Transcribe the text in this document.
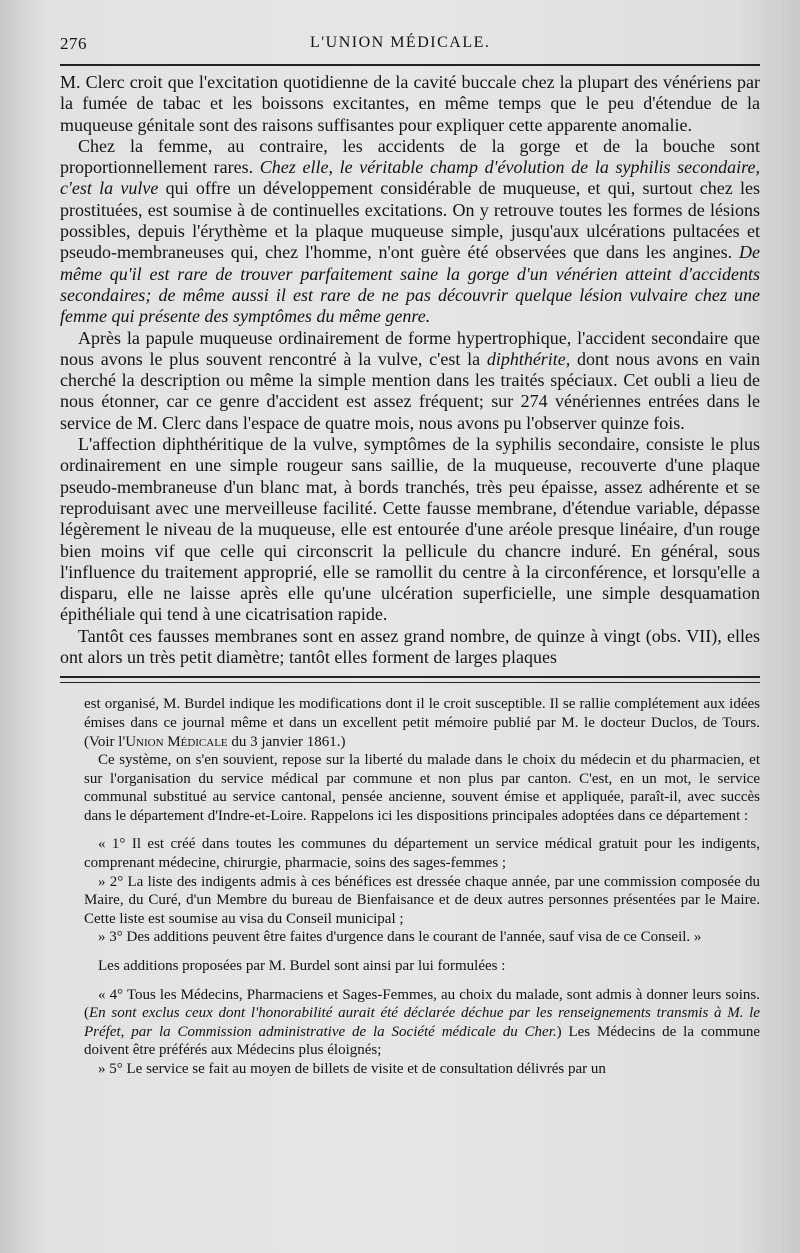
276	L'UNION MÉDICALE.

M. Clerc croit que l'excitation quotidienne de la cavité buccale chez la plupart des vénériens par la fumée de tabac et les boissons excitantes, en même temps que le peu d'étendue de la muqueuse génitale sont des raisons suffisantes pour expliquer cette apparente anomalie.

Chez la femme, au contraire, les accidents de la gorge et de la bouche sont proportionnellement rares. Chez elle, le véritable champ d'évolution de la syphilis secondaire, c'est la vulve qui offre un développement considérable de muqueuse, et qui, surtout chez les prostituées, est soumise à de continuelles excitations. On y retrouve toutes les formes de lésions possibles, depuis l'érythème et la plaque muqueuse simple, jusqu'aux ulcérations pultacées et pseudo-membraneuses qui, chez l'homme, n'ont guère été observées que dans les angines. De même qu'il est rare de trouver parfaitement saine la gorge d'un vénérien atteint d'accidents secondaires; de même aussi il est rare de ne pas découvrir quelque lésion vulvaire chez une femme qui présente des symptômes du même genre.

Après la papule muqueuse ordinairement de forme hypertrophique, l'accident secondaire que nous avons le plus souvent rencontré à la vulve, c'est la diphthérite, dont nous avons en vain cherché la description ou même la simple mention dans les traités spéciaux. Cet oubli a lieu de nous étonner, car ce genre d'accident est assez fréquent; sur 274 vénériennes entrées dans le service de M. Clerc dans l'espace de quatre mois, nous avons pu l'observer quinze fois.

L'affection diphthéritique de la vulve, symptômes de la syphilis secondaire, consiste le plus ordinairement en une simple rougeur sans saillie, de la muqueuse, recouverte d'une plaque pseudo-membraneuse d'un blanc mat, à bords tranchés, très peu épaisse, assez adhérente et se reproduisant avec une merveilleuse facilité. Cette fausse membrane, d'étendue variable, dépasse légèrement le niveau de la muqueuse, elle est entourée d'une aréole presque linéaire, d'un rouge bien moins vif que celle qui circonscrit la pellicule du chancre induré. En général, sous l'influence du traitement approprié, elle se ramollit du centre à la circonférence, et lorsqu'elle a disparu, elle ne laisse après elle qu'une ulcération superficielle, une simple desquamation épithéliale qui tend à une cicatrisation rapide.

Tantôt ces fausses membranes sont en assez grand nombre, de quinze à vingt (obs. VII), elles ont alors un très petit diamètre; tantôt elles forment de larges plaques

est organisé, M. Burdel indique les modifications dont il le croit susceptible. Il se rallie complétement aux idées émises dans ce journal même et dans un excellent petit mémoire publié par M. le docteur Duclos, de Tours. (Voir l'Union Médicale du 3 janvier 1861.)

Ce système, on s'en souvient, repose sur la liberté du malade dans le choix du médecin et du pharmacien, et sur l'organisation du service médical par commune et non plus par canton. C'est, en un mot, le service communal substitué au service cantonal, pensée ancienne, souvent émise et appliquée, paraît-il, avec succès dans le département d'Indre-et-Loire. Rappelons ici les dispositions principales adoptées dans ce département :

« 1° Il est créé dans toutes les communes du département un service médical gratuit pour les indigents, comprenant médecine, chirurgie, pharmacie, soins des sages-femmes ;

» 2° La liste des indigents admis à ces bénéfices est dressée chaque année, par une commission composée du Maire, du Curé, d'un Membre du bureau de Bienfaisance et de deux autres personnes présentées par le Maire. Cette liste est soumise au visa du Conseil municipal ;

» 3° Des additions peuvent être faites d'urgence dans le courant de l'année, sauf visa de ce Conseil. »

Les additions proposées par M. Burdel sont ainsi par lui formulées :

« 4° Tous les Médecins, Pharmaciens et Sages-Femmes, au choix du malade, sont admis à donner leurs soins. (En sont exclus ceux dont l'honorabilité aurait été déclarée déchue par les renseignements transmis à M. le Préfet, par la Commission administrative de la Société médicale du Cher.) Les Médecins de la commune doivent être préférés aux Médecins plus éloignés;

» 5° Le service se fait au moyen de billets de visite et de consultation délivrés par un
